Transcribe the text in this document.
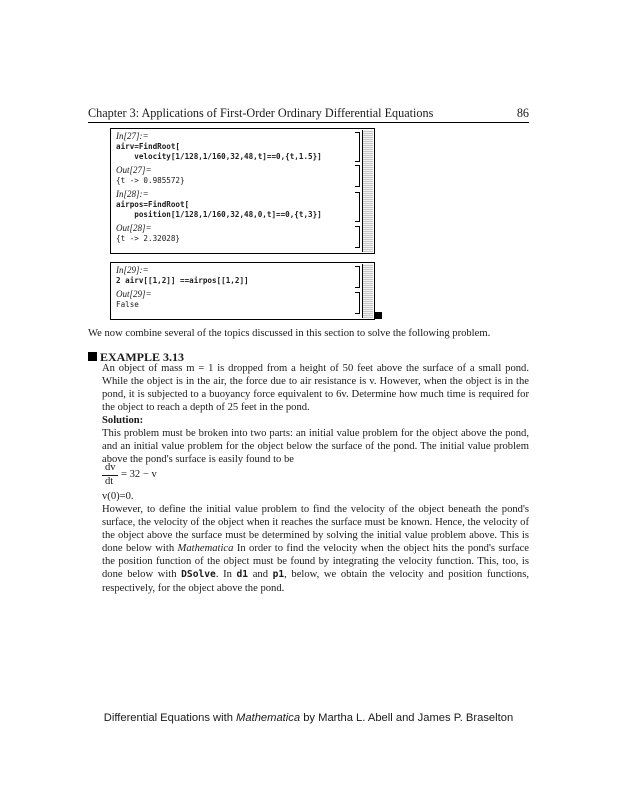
Chapter 3: Applications of First-Order Ordinary Differential Equations	86
In[27]:=
airv=FindRoot[
velocity[1/128,1/160,32,48,t]==0,{t,1.5}]
Out[27]=
{t -> 0.985572}
In[28]:=
airpos=FindRoot[
position[1/128,1/160,32,48,0,t]==0,{t,3}]
Out[28]=
{t -> 2.32028}
In[29]:=
2 airv[[1,2]] ==airpos[[1,2]]
Out[29]=
False
We now combine several of the topics discussed in this section to solve the following problem.
EXAMPLE 3.13
An object of mass m = 1 is dropped from a height of 50 feet above the surface of a small pond. While the object is in the air, the force due to air resistance is v. However, when the object is in the pond, it is subjected to a buoyancy force equivalent to 6v. Determine how much time is required for the object to reach a depth of 25 feet in the pond.
Solution:
This problem must be broken into two parts: an initial value problem for the object above the pond, and an initial value problem for the object below the surface of the pond. The initial value problem above the pond's surface is easily found to be
dv
dt
= 32 − v
v(0)=0.
However, to define the initial value problem to find the velocity of the object beneath the pond's surface, the velocity of the object when it reaches the surface must be known. Hence, the velocity of the object above the surface must be determined by solving the initial value problem above. This is done below with Mathematica In order to find the velocity when the object hits the pond's surface the position function of the object must be found by integrating the velocity function. This, too, is done below with DSolve. In d1 and p1, below, we obtain the velocity and position functions, respectively, for the object above the pond.
Differential Equations with Mathematica by Martha L. Abell and James P. Braselton
